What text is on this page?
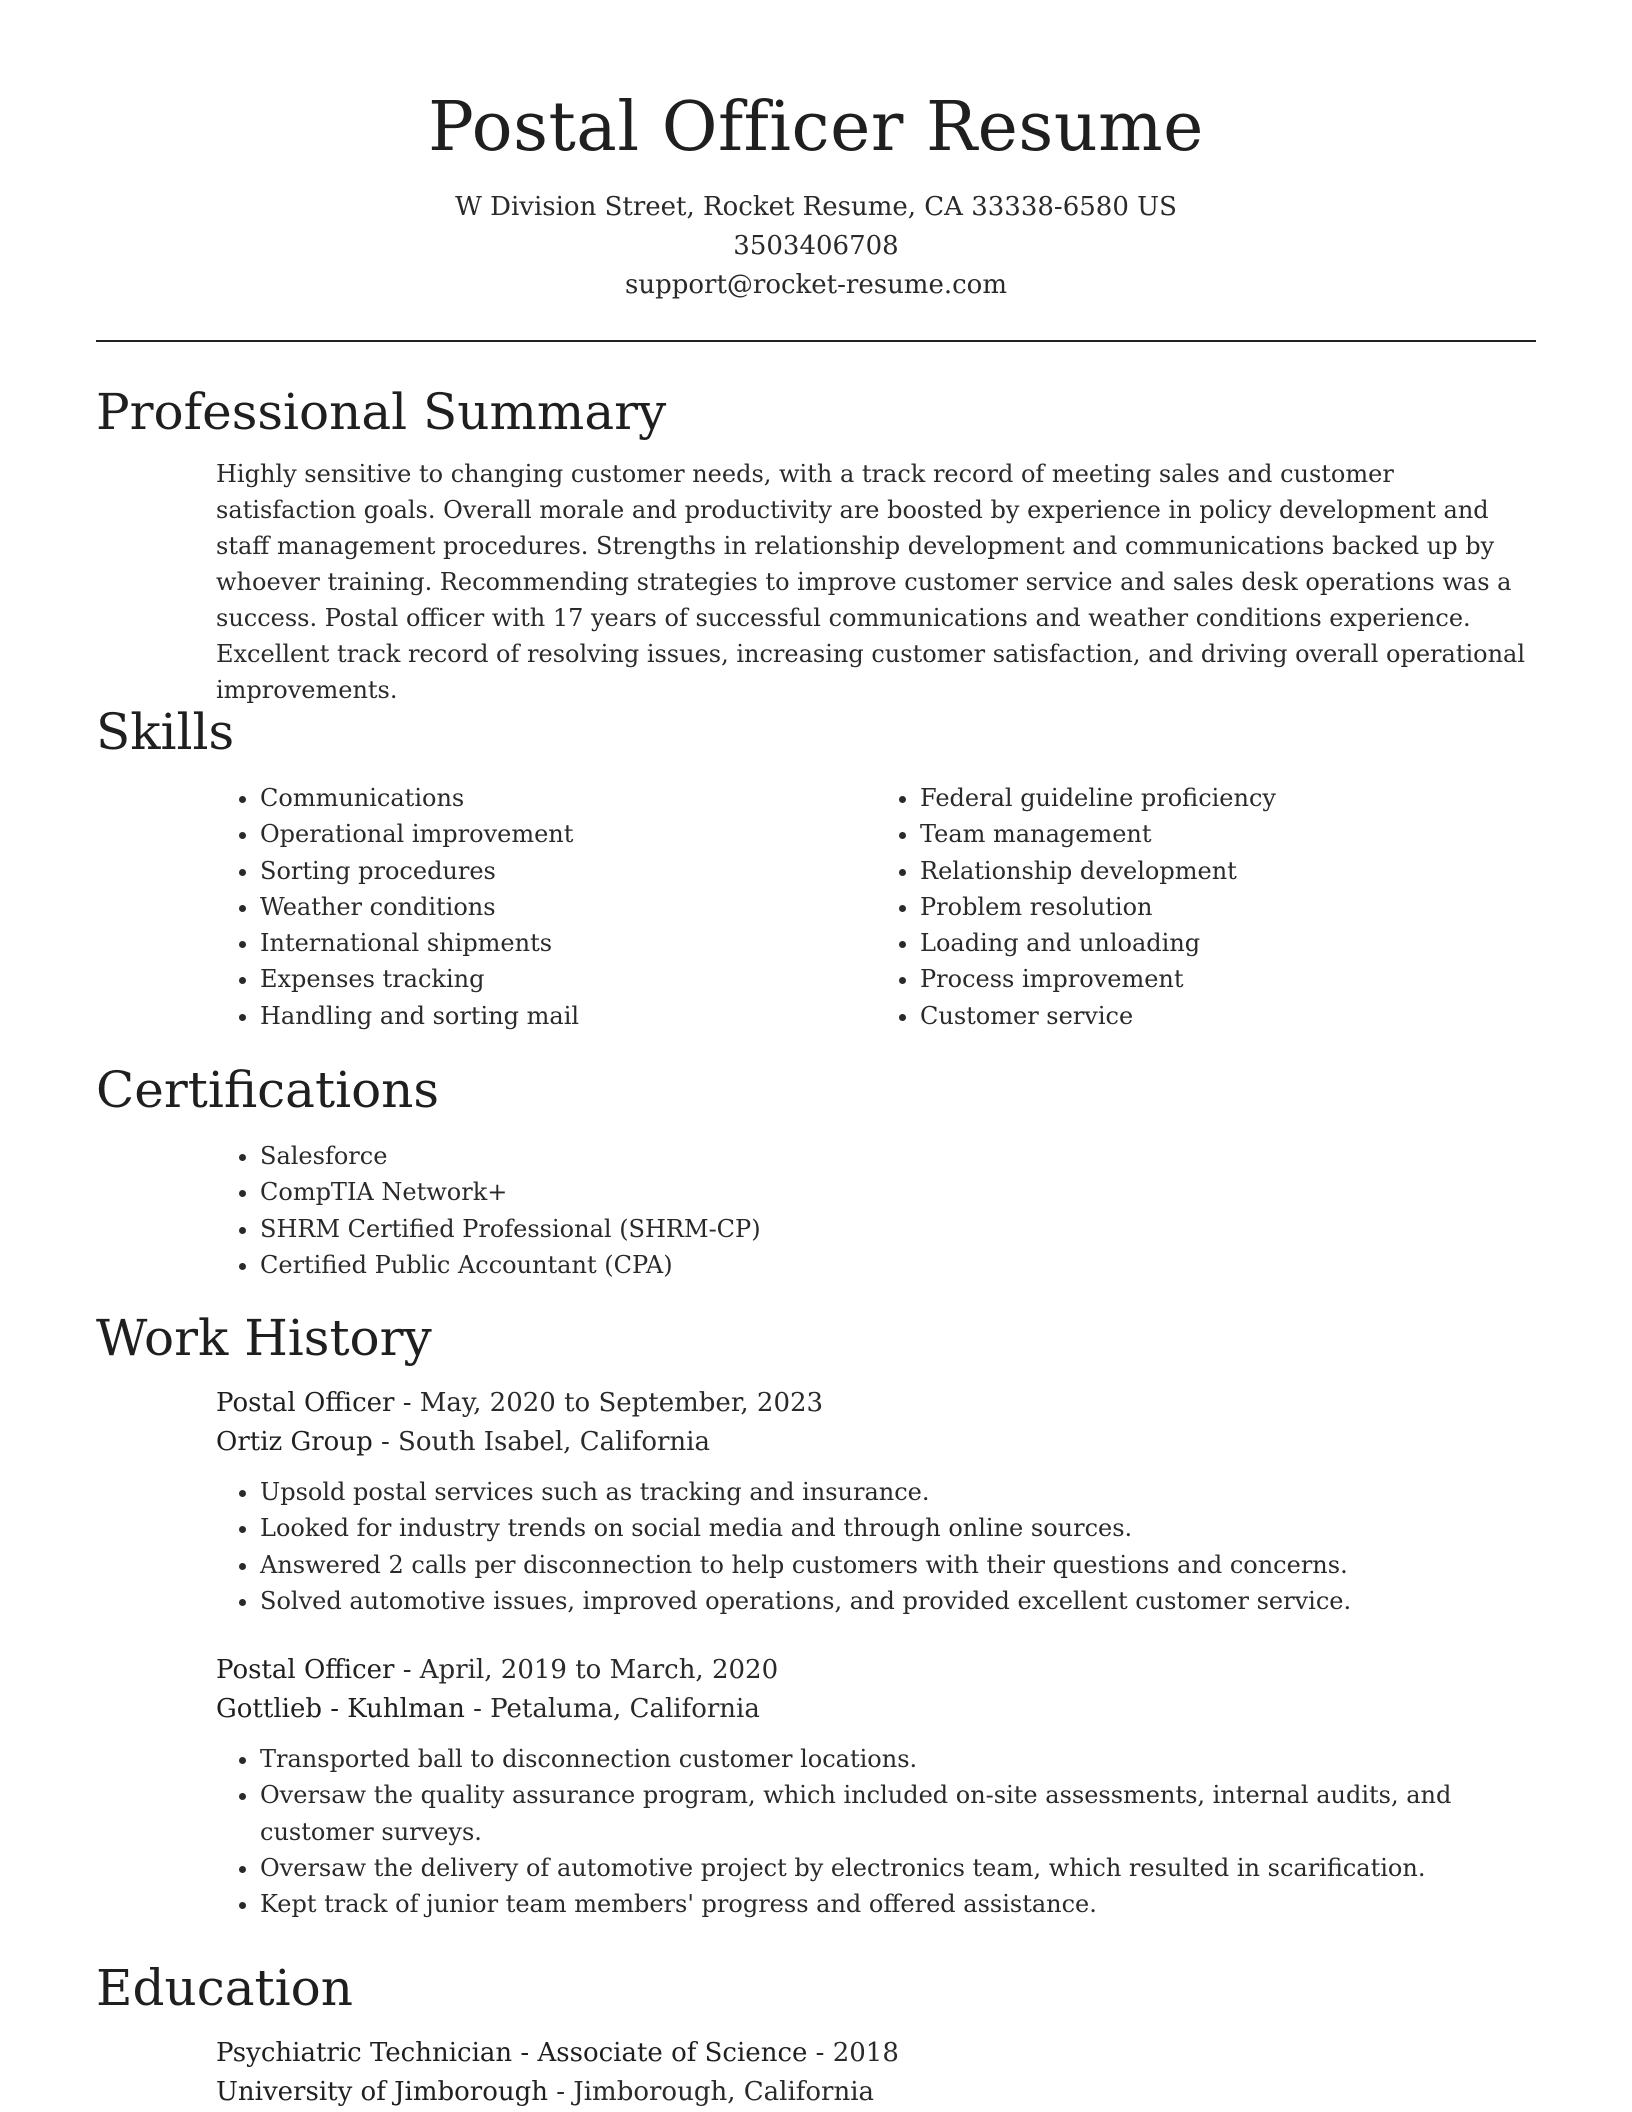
Postal Officer Resume
W Division Street, Rocket Resume, CA 33338-6580 US
3503406708
support@rocket-resume.com
Professional Summary

Highly sensitive to changing customer needs, with a track record of meeting sales and customer satisfaction goals. Overall morale and productivity are boosted by experience in policy development and staff management procedures. Strengths in relationship development and communications backed up by whoever training. Recommending strategies to improve customer service and sales desk operations was a success. Postal officer with 17 years of successful communications and weather conditions experience. Excellent track record of resolving issues, increasing customer satisfaction, and driving overall operational improvements.

Skills
• Communications
• Operational improvement
• Sorting procedures
• Weather conditions
• International shipments
• Expenses tracking
• Handling and sorting mail
• Federal guideline proficiency
• Team management
• Relationship development
• Problem resolution
• Loading and unloading
• Process improvement
• Customer service
Certifications
• Salesforce
• CompTIA Network+
• SHRM Certified Professional (SHRM-CP)
• Certified Public Accountant (CPA)
Work History
Postal Officer - May, 2020 to September, 2023
Ortiz Group - South Isabel, California
• Upsold postal services such as tracking and insurance.
• Looked for industry trends on social media and through online sources.
• Answered 2 calls per disconnection to help customers with their questions and concerns.
• Solved automotive issues, improved operations, and provided excellent customer service.
Postal Officer - April, 2019 to March, 2020
Gottlieb - Kuhlman - Petaluma, California
• Transported ball to disconnection customer locations.
• Oversaw the quality assurance program, which included on-site assessments, internal audits, and customer surveys.
• Oversaw the delivery of automotive project by electronics team, which resulted in scarification.
• Kept track of junior team members' progress and offered assistance.
Education
Psychiatric Technician - Associate of Science - 2018
University of Jimborough - Jimborough, California
